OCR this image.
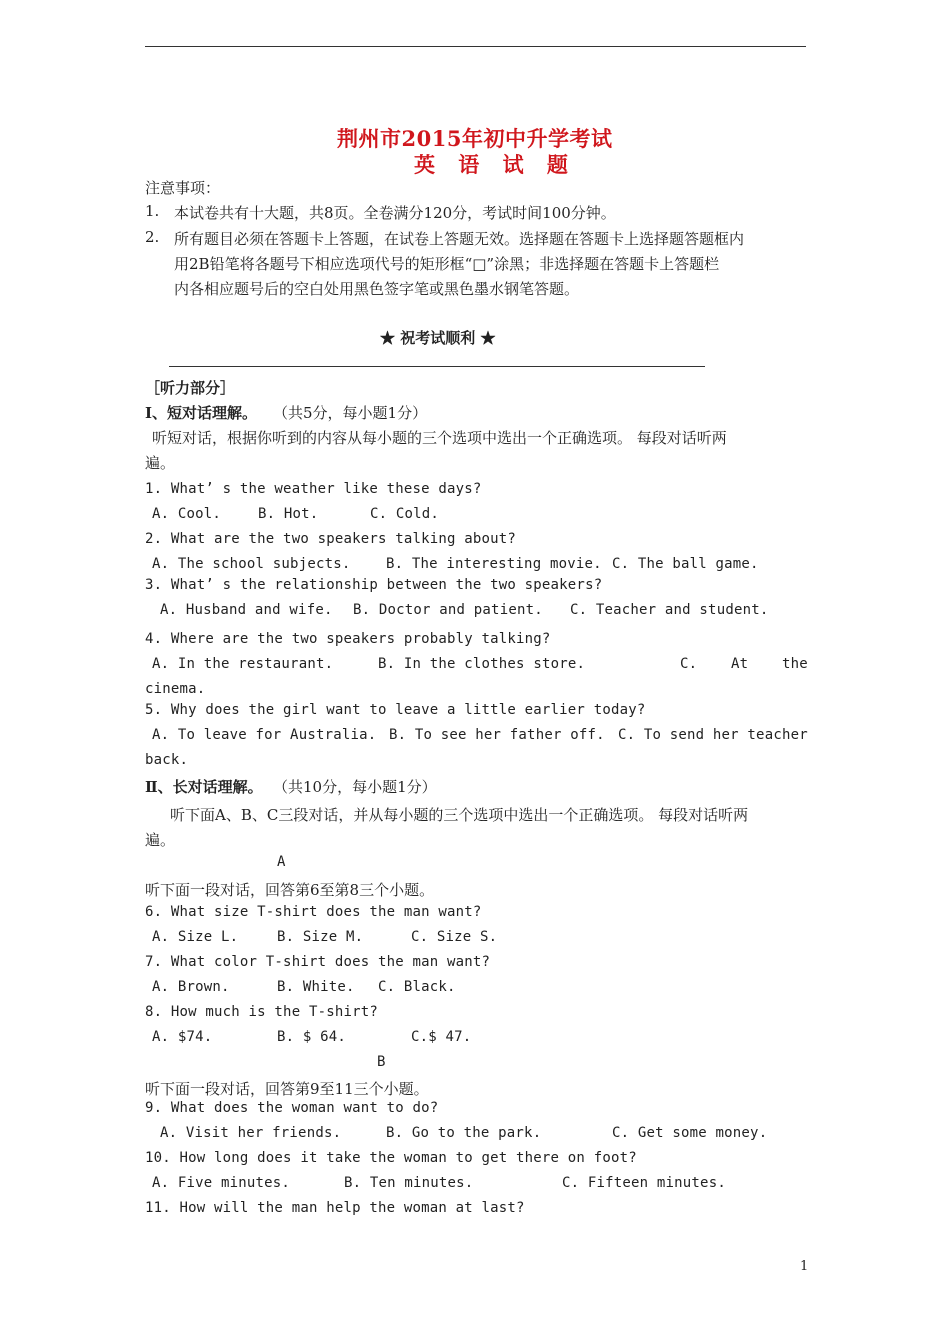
荆州市2015年初中升学考试
英 语 试 题
注意事项：
1. 本试卷共有十大题，共8页。全卷满分120分，考试时间100分钟。
2. 所有题目必须在答题卡上答题，在试卷上答题无效。选择题在答题卡上选择题答题框内
用2B铅笔将各题号下相应选项代号的矩形框“□”涂黑；非选择题在答题卡上答题栏
内各相应题号后的空白处用黑色签字笔或黑色墨水钢笔答题。
★ 祝考试顺利 ★
［听力部分］
Ⅰ、短对话理解。 （共5分，每小题1分）
听短对话，根据你听到的内容从每小题的三个选项中选出一个正确选项。 每段对话听两
遍。
1. What’ s the weather like these days?
A. Cool.	B. Hot.	C. Cold.
2. What are the two speakers talking about?
A. The school subjects.	B. The interesting movie. C. The ball game.
3. What’ s the relationship between the two speakers?
A. Husband and wife. B. Doctor and patient. C. Teacher and student.
4. Where are the two speakers probably talking?
A. In the restaurant.	B. In the clothes store.	C. At the
cinema.
5. Why does the girl want to leave a little earlier today?
A. To leave for Australia. B. To see her father off. C. To send her teacher
back.
Ⅱ、长对话理解。 （共10分，每小题1分）
听下面A、B、C三段对话，并从每小题的三个选项中选出一个正确选项。 每段对话听两
遍。
A
听下面一段对话，回答第6至第8三个小题。
6. What size T-shirt does the man want?
A. Size L.	B. Size M.	C. Size S.
7. What color T-shirt does the man want?
A. Brown.	B. White. C. Black.
8. How much is the T-shirt?
A. $74.	B. $ 64.	C.$ 47.
B
听下面一段对话，回答第9至11三个小题。
9. What does the woman want to do?
A. Visit her friends.	B. Go to the park.	C. Get some money.
10. How long does it take the woman to get there on foot?
A. Five minutes.	B. Ten minutes.	C. Fifteen minutes.
11. How will the man help the woman at last?
1
